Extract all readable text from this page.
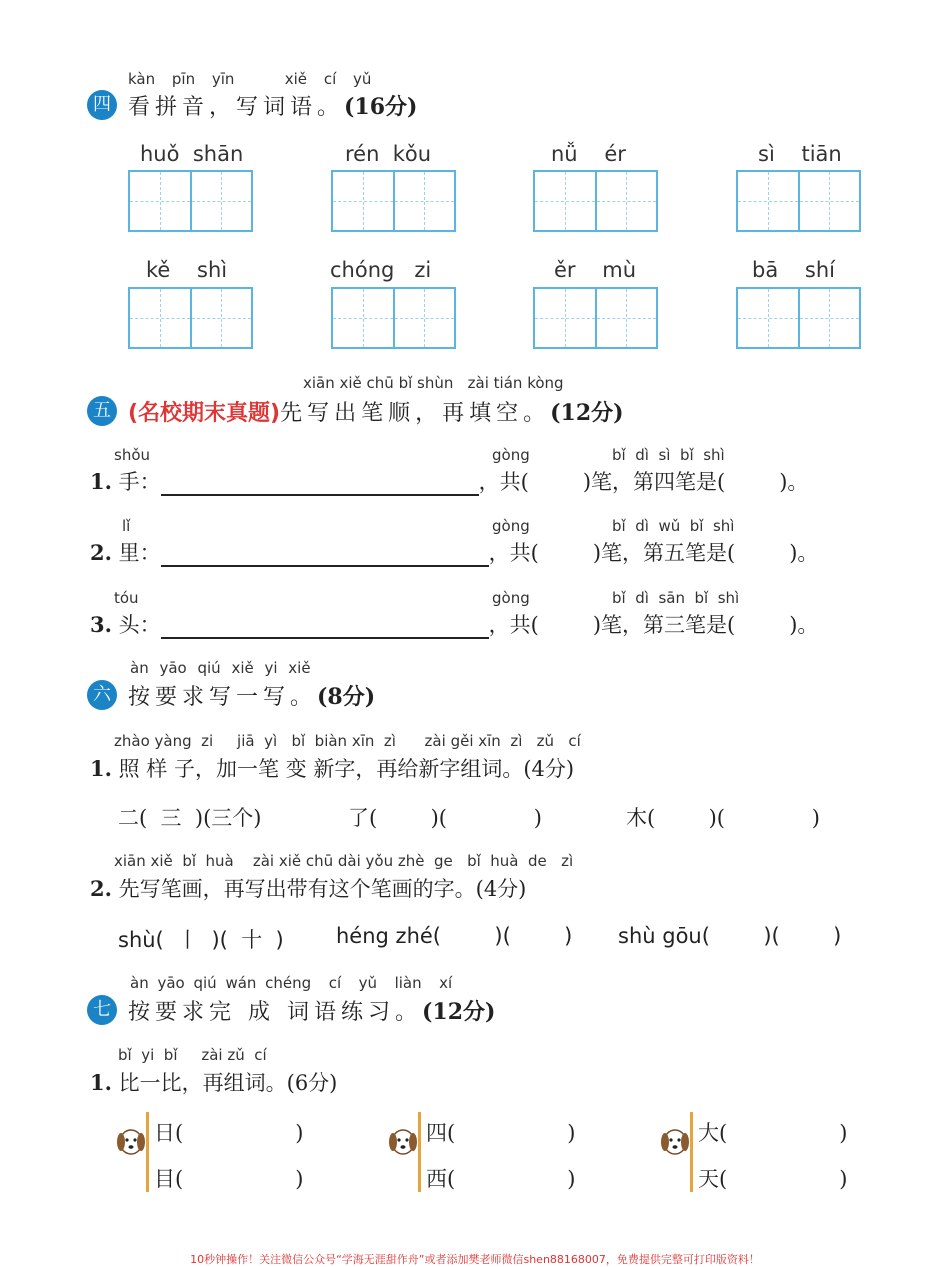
kàn pīn yīn	xiě cí yǔ
四 看拼音，写词语。(16分)
huǒ shān	rén kǒu	nǚ ér	sì tiān
kě shì	chóng zi	ěr mù	bā shí
xiān xiě chū bǐ shùn   zài tián kòng
五 (名校期末真题)先写出笔顺，再填空。(12分)
shǒu	gòng	bǐ  dì  sì  bǐ  shì
1. 手：	，共(	)笔，第四笔是(	)。
lǐ	gòng	bǐ  dì  wǔ  bǐ  shì
2. 里：	，共(	)笔，第五笔是(	)。
tóu	gòng	bǐ  dì  sān  bǐ  shì
3. 头：	，共(	)笔，第三笔是(	)。
àn yāo qiú xiě yi xiě
六 按要求写一写。(8分)
zhào yàng  zi     jiā  yì   bǐ  biàn xīn  zì      zài gěi xīn  zì   zǔ   cí
1. 照 样 子，加一笔 变 新字，再给新字组词。(4分)
二(  三  )(三个)	了(        )(             )	木(        )(             )
xiān xiě  bǐ  huà    zài xiě chū dài yǒu zhè  ge   bǐ  huà  de   zì
2. 先写笔画，再写出带有这个笔画的字。(4分)
shù(  丨  )(  十  ) héng zhé(        )(        ) shù gōu(        )(        )
àn yāo qiú wán chéng  cí  yǔ  liàn  xí
七 按要求完 成 词语练习。(12分)
bǐ  yi  bǐ     zài zǔ  cí
1. 比一比，再组词。(6分)
日(	)
目(	)
四(	)
西(	)
大(	)
天(	)
10秒钟操作！关注微信公众号“学海无涯甜作舟”或者添加樊老师微信shen88168007，免费提供完整可打印版资料！
